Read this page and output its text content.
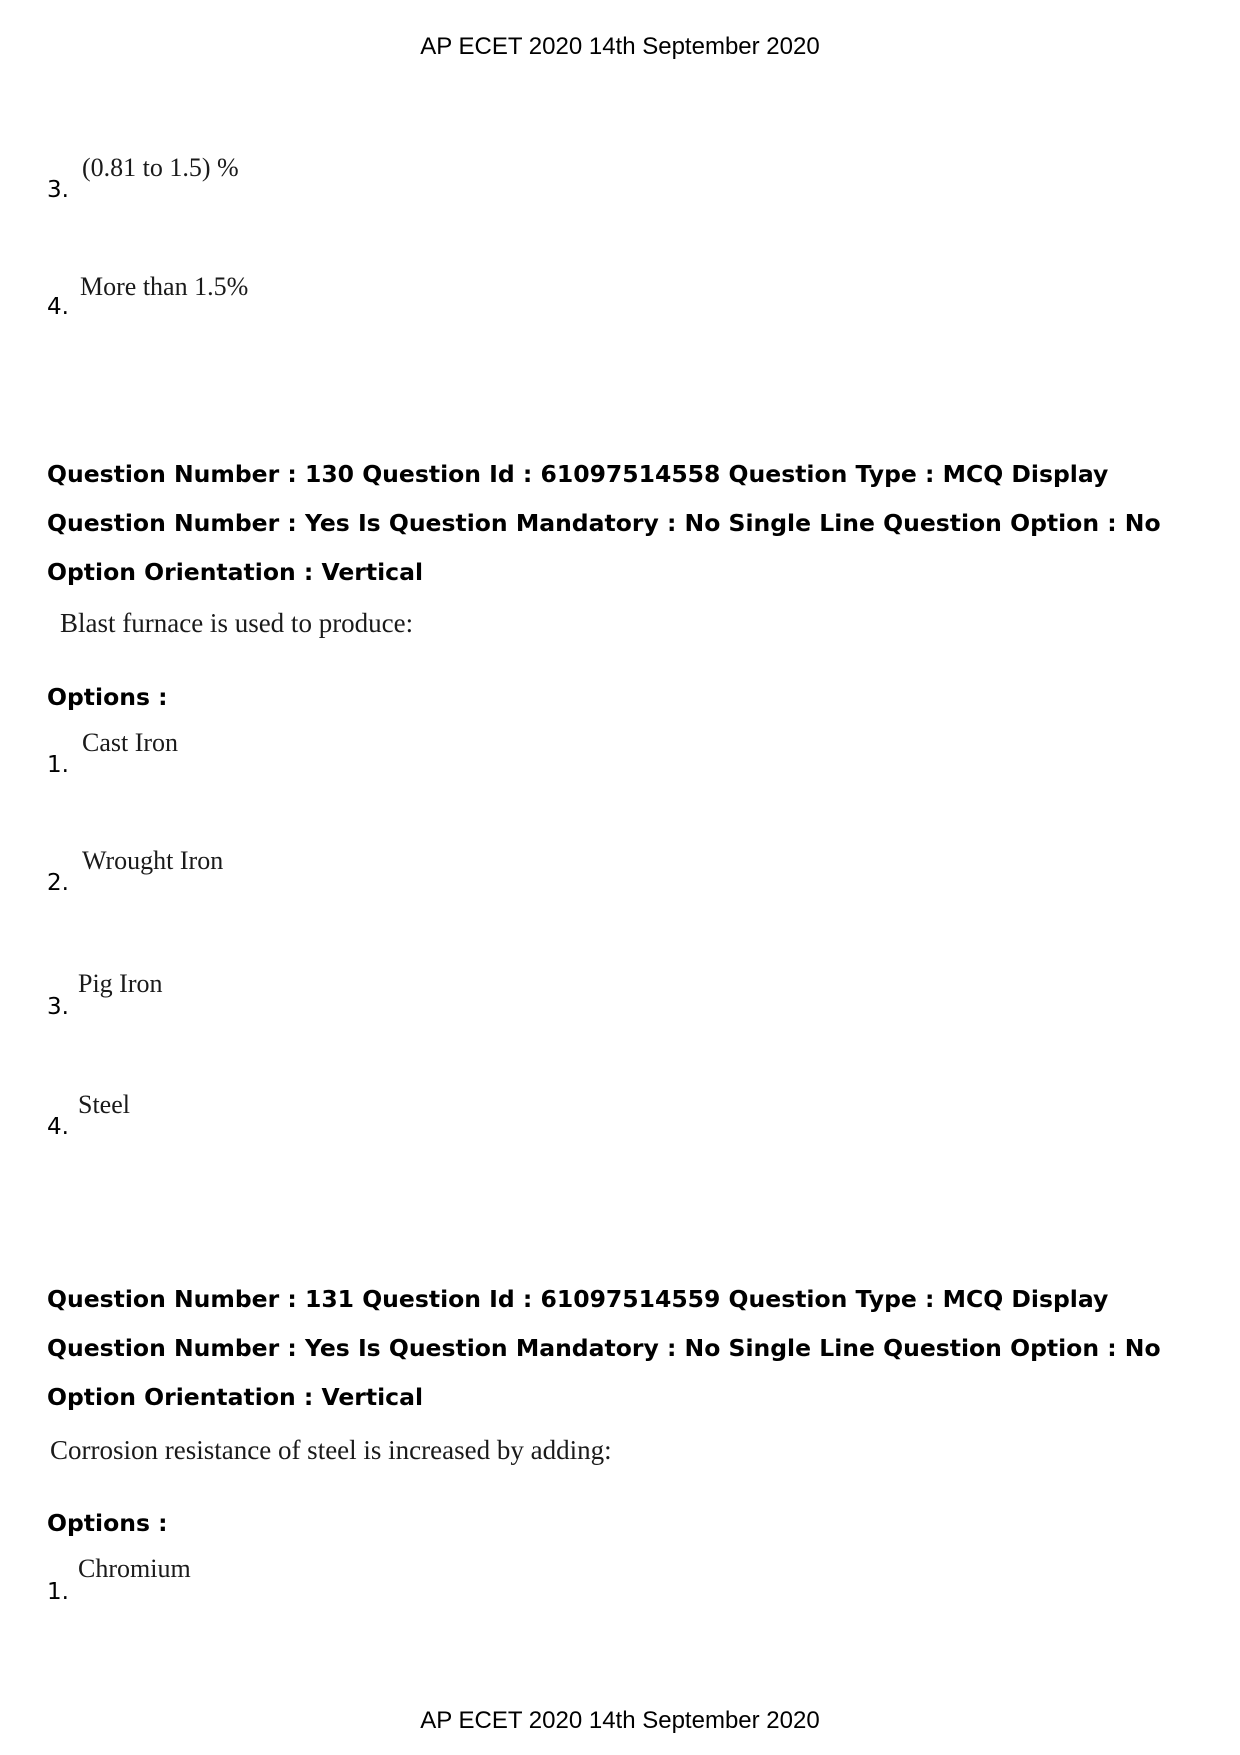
AP ECET 2020 14th September 2020
3.
(0.81 to 1.5) %
4.
More than 1.5%
Question Number : 130 Question Id : 61097514558 Question Type : MCQ Display Question Number : Yes Is Question Mandatory : No Single Line Question Option : No Option Orientation : Vertical
Blast furnace is used to produce:
Options :
1.
Cast Iron
2.
Wrought Iron
3.
Pig Iron
4.
Steel
Question Number : 131 Question Id : 61097514559 Question Type : MCQ Display Question Number : Yes Is Question Mandatory : No Single Line Question Option : No Option Orientation : Vertical
Corrosion resistance of steel is increased by adding:
Options :
1.
Chromium
AP ECET 2020 14th September 2020
